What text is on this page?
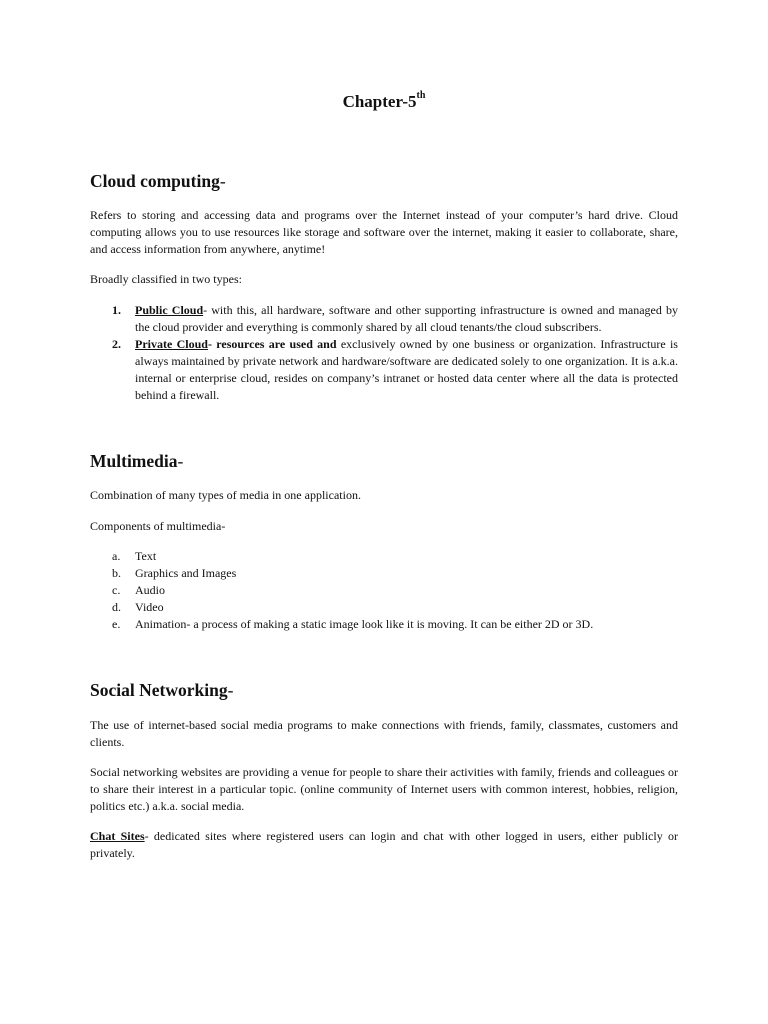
Chapter-5th
Cloud computing-

Refers to storing and accessing data and programs over the Internet instead of your computer’s hard drive. Cloud computing allows you to use resources like storage and software over the internet, making it easier to collaborate, share, and access information from anywhere, anytime!

Broadly classified in two types:

1. Public Cloud- with this, all hardware, software and other supporting infrastructure is owned and managed by the cloud provider and everything is commonly shared by all cloud tenants/the cloud subscribers.
2. Private Cloud- resources are used and exclusively owned by one business or organization. Infrastructure is always maintained by private network and hardware/software are dedicated solely to one organization. It is a.k.a. internal or enterprise cloud, resides on company’s intranet or hosted data center where all the data is protected behind a firewall.
Multimedia-

Combination of many types of media in one application.

Components of multimedia-

a. Text
b. Graphics and Images
c. Audio
d. Video
e. Animation- a process of making a static image look like it is moving. It can be either 2D or 3D.
Social Networking-

The use of internet-based social media programs to make connections with friends, family, classmates, customers and clients.

Social networking websites are providing a venue for people to share their activities with family, friends and colleagues or to share their interest in a particular topic. (online community of Internet users with common interest, hobbies, religion, politics etc.) a.k.a. social media.

Chat Sites- dedicated sites where registered users can login and chat with other logged in users, either publicly or privately.
